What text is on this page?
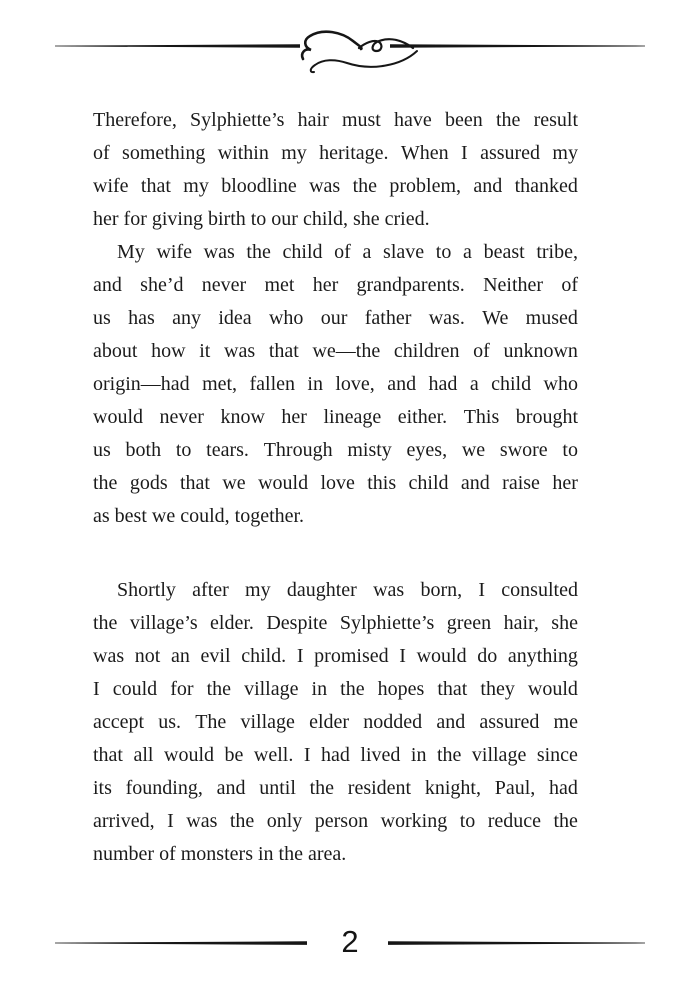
Therefore, Sylphiette’s hair must have been the result
of something within my heritage. When I assured my
wife that my bloodline was the problem, and thanked
her for giving birth to our child, she cried.
My wife was the child of a slave to a beast tribe,
and she’d never met her grandparents. Neither of
us has any idea who our father was. We mused
about how it was that we—the children of unknown
origin—had met, fallen in love, and had a child who
would never know her lineage either. This brought
us both to tears. Through misty eyes, we swore to
the gods that we would love this child and raise her
as best we could, together.
Shortly after my daughter was born, I consulted
the village’s elder. Despite Sylphiette’s green hair, she
was not an evil child. I promised I would do anything
I could for the village in the hopes that they would
accept us. The village elder nodded and assured me
that all would be well. I had lived in the village since
its founding, and until the resident knight, Paul, had
arrived, I was the only person working to reduce the
number of monsters in the area.
2
